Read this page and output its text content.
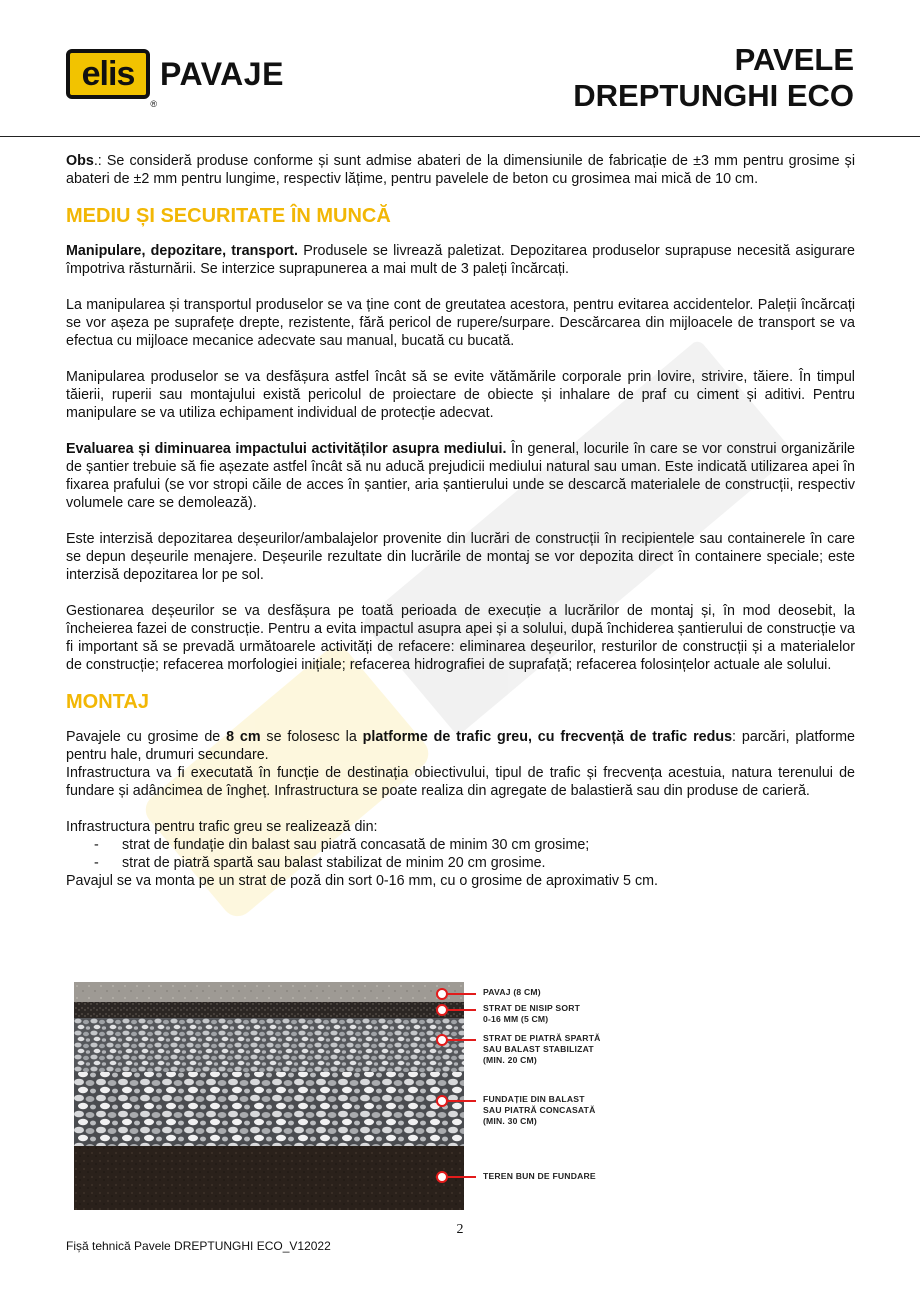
elis
®
PAVAJE	PAVELE
DREPTUNGHI ECO

Obs.: Se consideră produse conforme și sunt admise abateri de la dimensiunile de fabricație de ±3 mm pentru grosime și abateri de ±2 mm pentru lungime, respectiv lățime, pentru pavelele de beton cu grosimea mai mică de 10 cm.

MEDIU ȘI SECURITATE ÎN MUNCĂ

Manipulare, depozitare, transport. Produsele se livrează paletizat. Depozitarea produselor suprapuse necesită asigurare împotriva răsturnării. Se interzice suprapunerea a mai mult de 3 paleți încărcați.

La manipularea și transportul produselor se va ține cont de greutatea acestora, pentru evitarea accidentelor. Paleții încărcați se vor așeza pe suprafețe drepte, rezistente, fără pericol de rupere/surpare. Descărcarea din mijloacele de transport se va efectua cu mijloace mecanice adecvate sau manual, bucată cu bucată.

Manipularea produselor se va desfășura astfel încât să se evite vătămările corporale prin lovire, strivire, tăiere. În timpul tăierii, ruperii sau montajului există pericolul de proiectare de obiecte și inhalare de praf cu ciment și aditivi. Pentru manipulare se va utiliza echipament individual de protecție adecvat.

Evaluarea și diminuarea impactului activităților asupra mediului. În general, locurile în care se vor construi organizările de șantier trebuie să fie așezate astfel încât să nu aducă prejudicii mediului natural sau uman. Este indicată utilizarea apei în fixarea prafului (se vor stropi căile de acces în șantier, aria șantierului unde se descarcă materialele de construcții, respectiv volumele care se demolează).

Este interzisă depozitarea deșeurilor/ambalajelor provenite din lucrări de construcții în recipientele sau containerele în care se depun deșeurile menajere. Deșeurile rezultate din lucrările de montaj se vor depozita direct în containere speciale; este interzisă depozitarea lor pe sol.

Gestionarea deșeurilor se va desfășura pe toată perioada de execuție a lucrărilor de montaj și, în mod deosebit, la încheierea fazei de construcție. Pentru a evita impactul asupra apei și a solului, după închiderea șantierului de construcție va fi important să se prevadă următoarele activități de refacere: eliminarea deșeurilor, resturilor de construcții și a materialelor de construcție; refacerea morfologiei inițiale; refacerea hidrografiei de suprafață; refacerea folosințelor actuale ale solului.

MONTAJ

Pavajele cu grosime de 8 cm se folosesc la platforme de trafic greu, cu frecvență de trafic redus: parcări, platforme pentru hale, drumuri secundare.

Infrastructura va fi executată în funcție de destinația obiectivului, tipul de trafic și frecvența acestuia, natura terenului de fundare și adâncimea de îngheț. Infrastructura se poate realiza din agregate de balastieră sau din produse de carieră.

Infrastructura pentru trafic greu se realizează din:

-	strat de fundație din balast sau piatră concasată de minim 30 cm grosime;
-	strat de piatră spartă sau balast stabilizat de minim 20 cm grosime.

Pavajul se va monta pe un strat de poză din sort 0-16 mm, cu o grosime de aproximativ 5 cm.

PAVAJ (8 CM)
STRAT DE NISIP SORT
0-16 MM (5 CM)
STRAT DE PIATRĂ SPARTĂ
SAU BALAST STABILIZAT
(MIN. 20 CM)
FUNDAȚIE DIN BALAST
SAU PIATRĂ CONCASATĂ
(MIN. 30 CM)
TEREN BUN DE FUNDARE
2
Fișă tehnică Pavele DREPTUNGHI ECO_V12022
